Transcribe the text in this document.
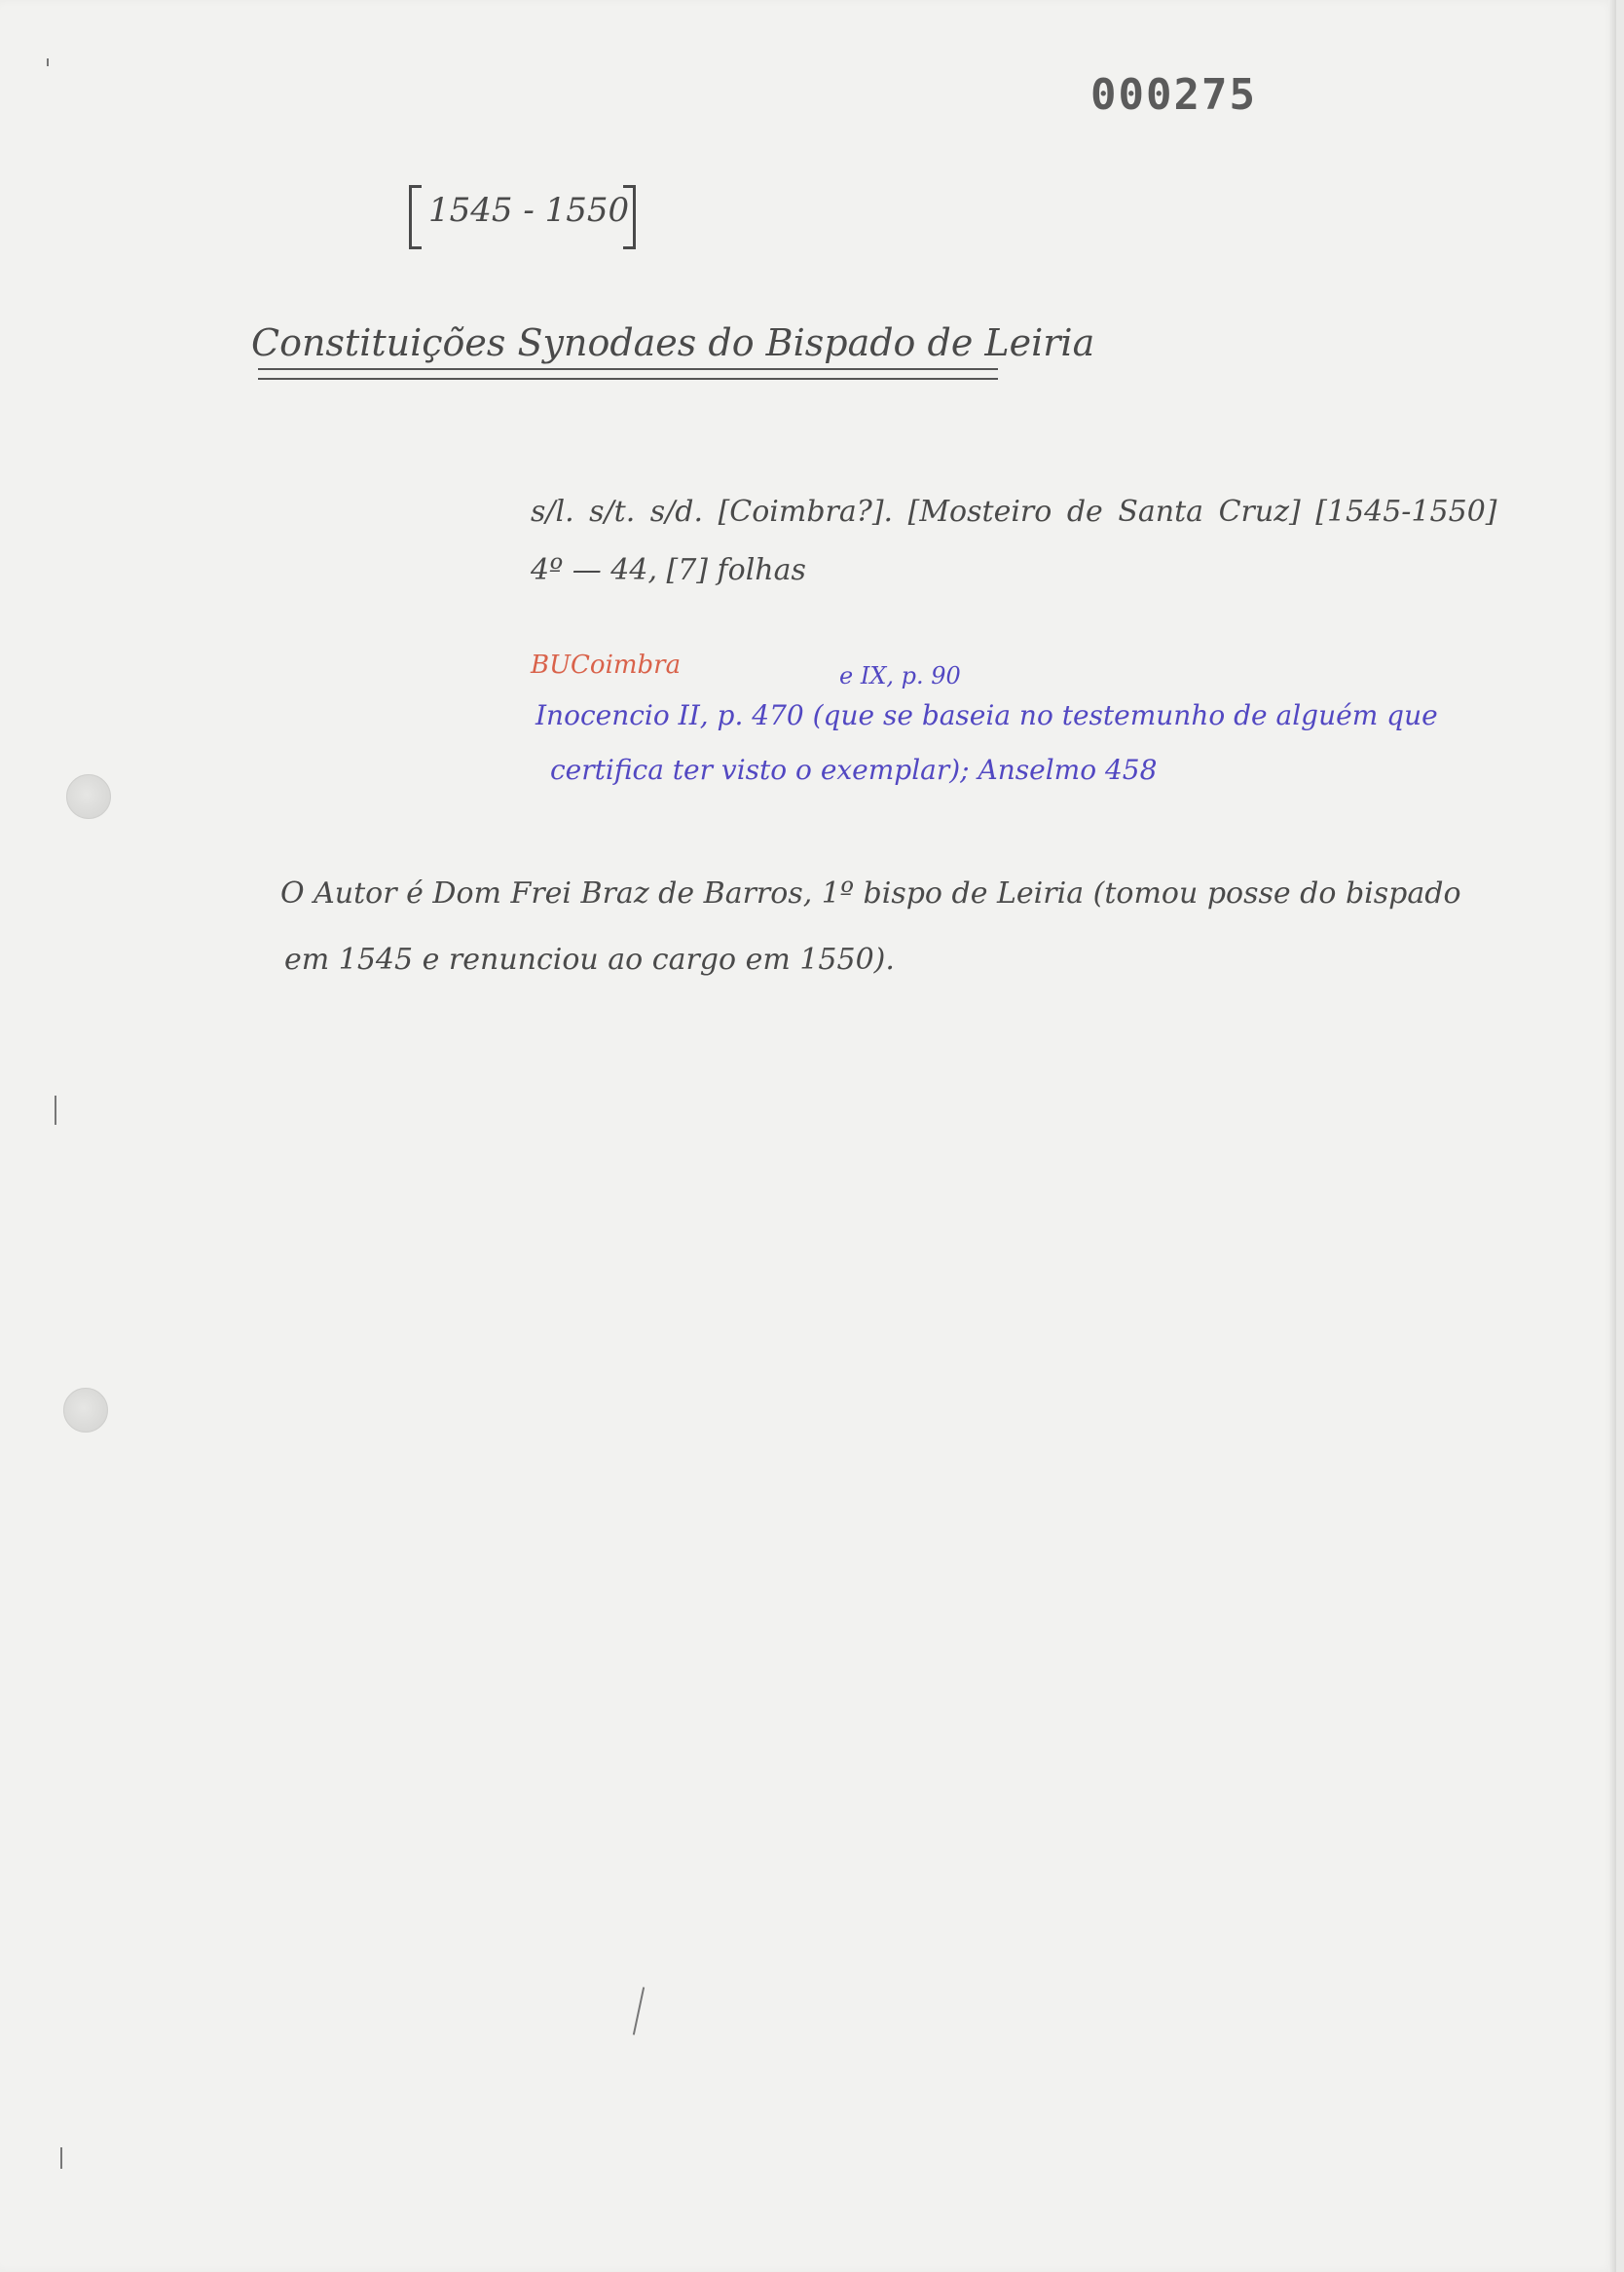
000275
1545 - 1550
Constituições Synodaes do Bispado de Leiria
s/l. s/t. s/d. [Coimbra?]. [Mosteiro de Santa Cruz] [1545-1550]
4º — 44, [7] folhas
BUCoimbra	e IX, p. 90
Inocencio II, p. 470 (que se baseia no testemunho de alguém que
certifica ter visto o exemplar); Anselmo 458
O Autor é Dom Frei Braz de Barros, 1º bispo de Leiria (tomou posse do bispado
em 1545 e renunciou ao cargo em 1550).
